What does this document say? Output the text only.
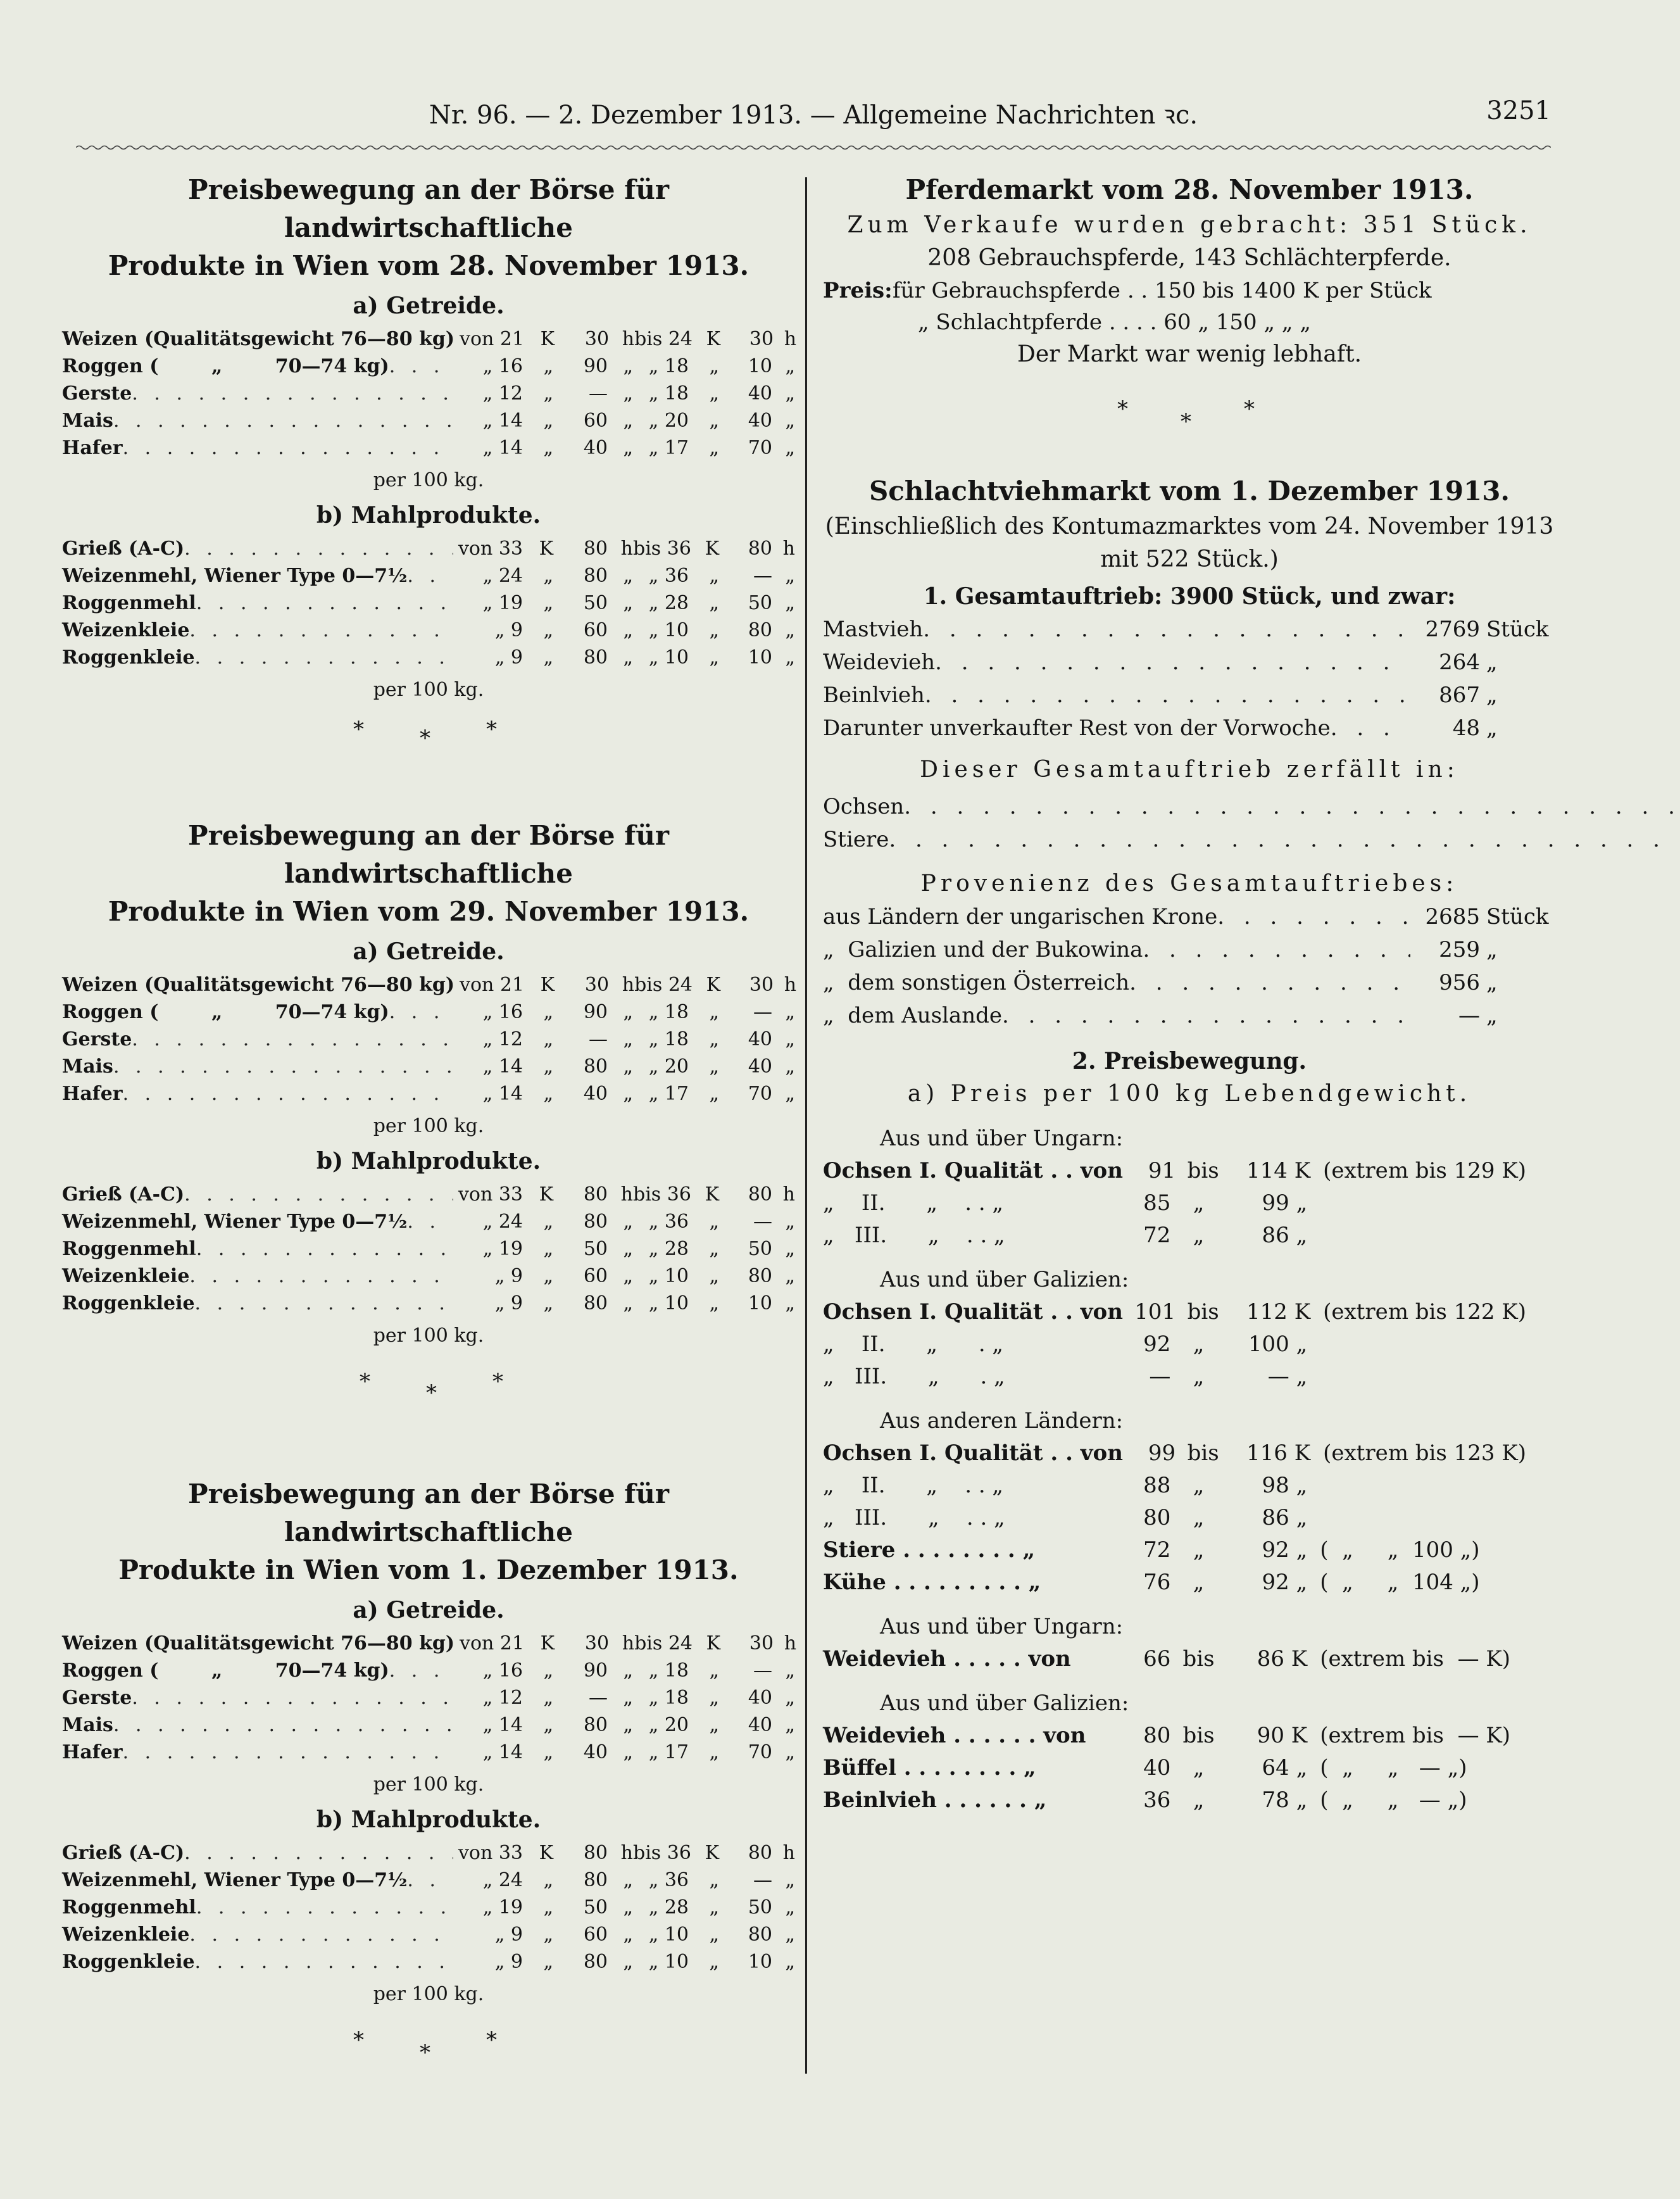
Nr. 96. — 2. Dezember 1913. — Allgemeine Nachrichten ꝛc.	3251

Preisbewegung an der Börse für landwirtschaftliche

Produkte in Wien vom 28. November 1913.

a) Getreide.

Weizen (Qualitätsgewicht 76—80 kg) von 21 K	30 h bis 24 K	30 h
Roggen (        „        70—74 kg) . . .	„ 16	„	90 „ „ 18	„	10 „
Gerste . . .	„ 12	„	— „ „ 18	„	40 „
Mais . . .	„ 14	„	60 „ „ 20	„	40 „
Hafer . . .	„ 14	„	40 „ „ 17	„	70 „

per 100 kg.

b) Mahlprodukte.

Grieß (A-C) . . .	von 33 K	80 h bis 36 K	80 h
Weizenmehl, Wiener Type 0—7½ . . .	„ 24	„	80 „ „ 36	„	— „
Roggenmehl . . .	„ 19	„	50 „ „ 28	„	50 „
Weizenkleie . . .	„ 9	„	60 „ „ 10	„	80 „
Roggenkleie . . .	„ 9	„	80 „ „ 10	„	10 „

per 100 kg.

*	*	*

Preisbewegung an der Börse für landwirtschaftliche

Produkte in Wien vom 29. November 1913.

a) Getreide.

Weizen (Qualitätsgewicht 76—80 kg) von 21 K	30 h bis 24 K	30 h
Roggen (        „        70—74 kg) . . .	„ 16	„	90 „ „ 18	„	— „
Gerste . . .	„ 12	„	— „ „ 18	„	40 „
Mais . . .	„ 14	„	80 „ „ 20	„	40 „
Hafer . . .	„ 14	„	40 „ „ 17	„	70 „

per 100 kg.

b) Mahlprodukte.

Grieß (A-C) . . .	von 33 K	80 h bis 36 K	80 h
Weizenmehl, Wiener Type 0—7½ . . .	„ 24	„	80 „ „ 36	„	— „
Roggenmehl . . .	„ 19	„	50 „ „ 28	„	50 „
Weizenkleie . . .	„ 9	„	60 „ „ 10	„	80 „
Roggenkleie . . .	„ 9	„	80 „ „ 10	„	10 „

per 100 kg.

*	*	*

Preisbewegung an der Börse für landwirtschaftliche

Produkte in Wien vom 1. Dezember 1913.

a) Getreide.

Weizen (Qualitätsgewicht 76—80 kg) von 21 K	30 h bis 24 K	30 h
Roggen (        „        70—74 kg) . . .	„ 16	„	90 „ „ 18	„	— „
Gerste . . .	„ 12	„	— „ „ 18	„	40 „
Mais . . .	„ 14	„	80 „ „ 20	„	40 „
Hafer . . .	„ 14	„	40 „ „ 17	„	70 „

per 100 kg.

b) Mahlprodukte.

Grieß (A-C) . . .	von 33 K	80 h bis 36 K	80 h
Weizenmehl, Wiener Type 0—7½ . . .	„ 24	„	80 „ „ 36	„	— „
Roggenmehl . . .	„ 19	„	50 „ „ 28	„	50 „
Weizenkleie . . .	„ 9	„	60 „ „ 10	„	80 „
Roggenkleie . . .	„ 9	„	80 „ „ 10	„	10 „

per 100 kg.

*	*	*

Pferdemarkt vom 28. November 1913.

Zum Verkaufe wurden gebracht: 351 Stück.
208 Gebrauchspferde, 143 Schlächterpferde.
Preis: für Gebrauchspferde . . 150 bis 1400 K per Stück
„ Schlachtpferde . . . . 60 „ 150 „ „ „
Der Markt war wenig lebhaft.
* * *

Schlachtviehmarkt vom 1. Dezember 1913.

(Einschließlich des Kontumazmarktes vom 24. November 1913
mit 522 Stück.)
1. Gesamtauftrieb: 3900 Stück, und zwar:
Mastvieh . . .	2769 Stück
Weidevieh . . .	264 „
Beinlvieh . . .	867 „
Darunter unverkaufter Rest von der Vorwoche . . .	48 „
Dieser Gesamtauftrieb zerfällt in:
Ochsen
. . .
Stiere
. . .
Provenienz des Gesamtauftriebes:
aus Ländern der ungarischen Krone . . .	2685 Stück
„  Galizien und der Bukowina . . .	259 „
„  dem sonstigen Österreich . . .	956 „
„  dem Auslande . . .	— „
2. Preisbewegung.
a) Preis per 100 kg Lebendgewicht.
Aus und über Ungarn:
Ochsen I. Qualität . . von	91 bis	114 K (extrem bis 129 K)
„    II.      „    . . „	85	„	99 „
„   III.      „    . . „	72	„	86 „
Aus und über Galizien:
Ochsen I. Qualität . . von 101 bis	112 K (extrem bis 122 K)
„    II.      „      . „	92	„	100 „
„   III.      „      . „	—	„	— „
Aus anderen Ländern:
Ochsen I. Qualität . . von	99 bis	116 K (extrem bis 123 K)
„    II.      „    . . „	88	„	98 „
„   III.      „    . . „	80	„	86 „
Stiere . . . . . . . . „	72	„	92 „ (  „     „  100 „)
Kühe . . . . . . . . . „	76	„	92 „ (  „     „  104 „)
Aus und über Ungarn:
Weidevieh . . . . . von	66 bis	86 K (extrem bis  — K)
Aus und über Galizien:
Weidevieh . . . . . . von	80 bis	90 K (extrem bis  — K)
Büffel . . . . . . . . „	40	„	64 „ (  „     „   — „)
Beinlvieh . . . . . . „	36	„	78 „ (  „     „   — „)
